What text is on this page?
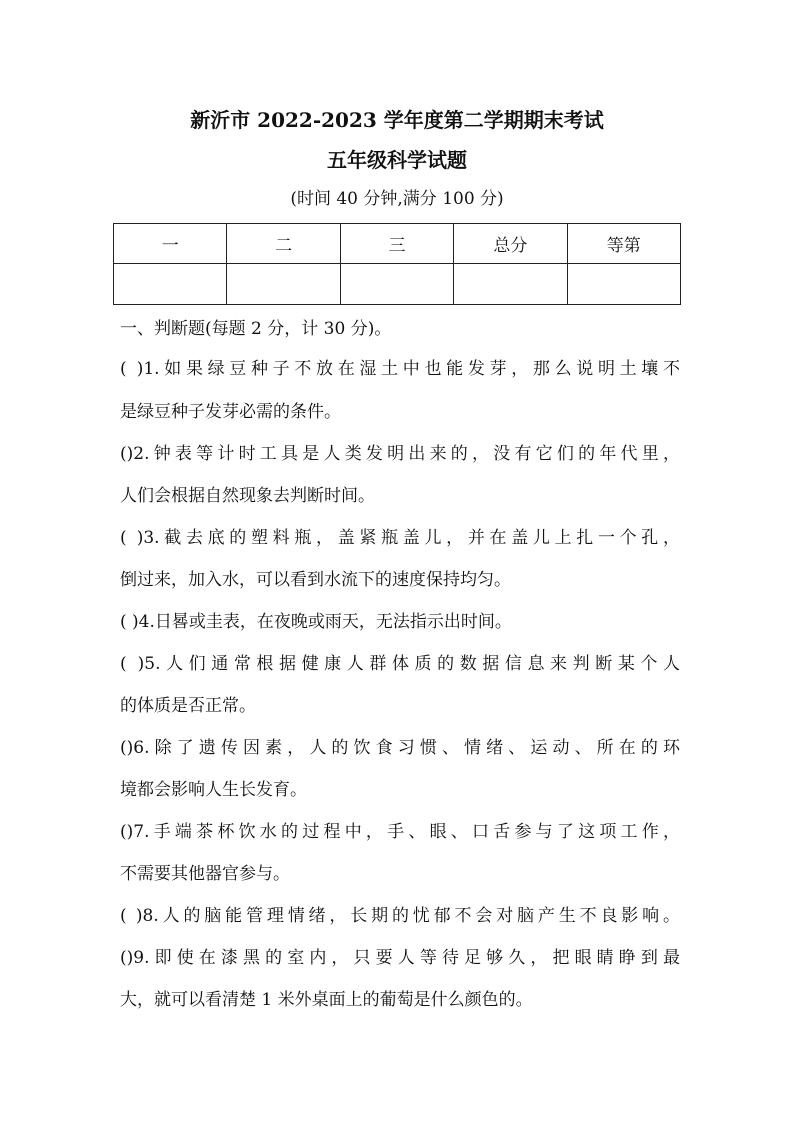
新沂市 2022-2023 学年度第二学期期末考试
五年级科学试题
(时间 40 分钟,满分 100 分)
一	二	三	总分	等第

一、判断题(每题 2 分，计 30 分)。
( )1.如果绿豆种子不放在湿土中也能发芽，那么说明土壤不
是绿豆种子发芽必需的条件。
()2.钟表等计时工具是人类发明出来的，没有它们的年代里，
人们会根据自然现象去判断时间。
( )3.截去底的塑料瓶，盖紧瓶盖儿，并在盖儿上扎一个孔，
倒过来，加入水，可以看到水流下的速度保持均匀。
( )4.日晷或圭表，在夜晚或雨天，无法指示出时间。
( )5.人们通常根据健康人群体质的数据信息来判断某个人
的体质是否正常。
()6.除了遗传因素，人的饮食习惯、情绪、运动、所在的环
境都会影响人生长发育。
()7.手端茶杯饮水的过程中，手、眼、口舌参与了这项工作，
不需要其他器官参与。
( )8.人的脑能管理情绪，长期的忧郁不会对脑产生不良影响。
()9.即使在漆黑的室内，只要人等待足够久，把眼睛睁到最
大，就可以看清楚 1 米外桌面上的葡萄是什么颜色的。
